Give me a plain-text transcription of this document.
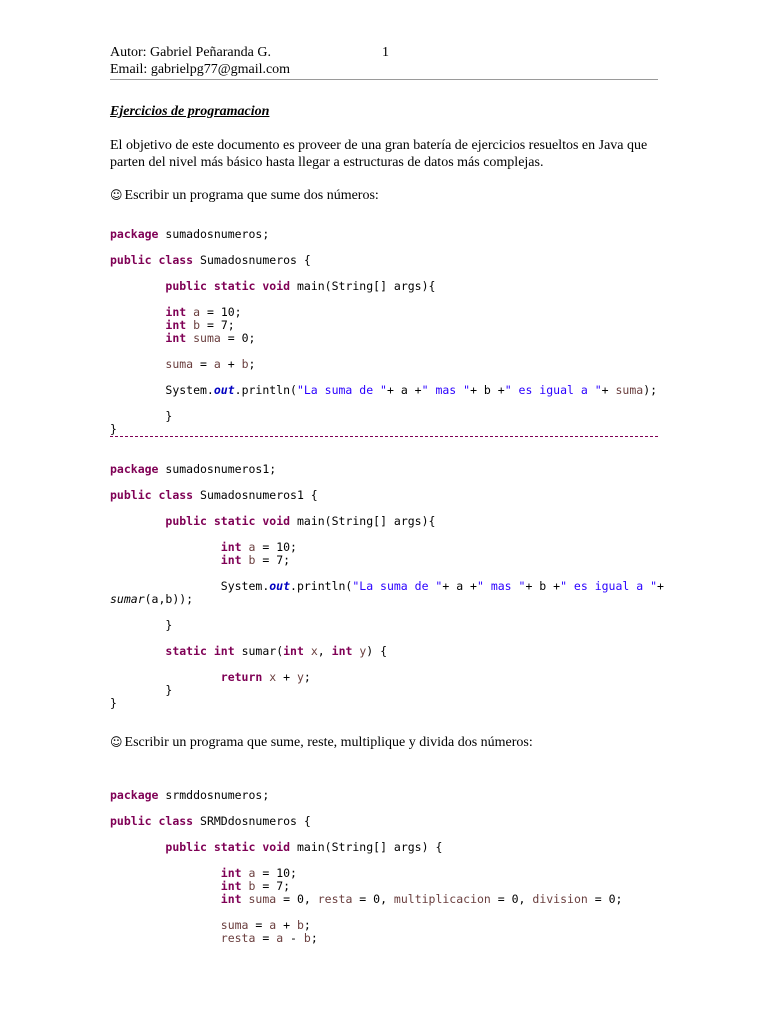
Autor: Gabriel Peñaranda G.	1
Email: gabrielpg77@gmail.com
Ejercicios de programacion
El objetivo de este documento es proveer de una gran batería de ejercicios resueltos en Java que parten del nivel más básico hasta llegar a estructuras de datos más complejas.
☺ Escribir un programa que sume dos números:

package sumadosnumeros;
public class Sumadosnumeros {
public static void main(String[] args){
int a = 10;
int b = 7;
int suma = 0;
suma = a + b;
System.out.println("La suma de "+ a +" mas "+ b +" es igual a "+ suma);
}
}

package sumadosnumeros1;
public class Sumadosnumeros1 {
public static void main(String[] args){
int a = 10;
int b = 7;
System.out.println("La suma de "+ a +" mas "+ b +" es igual a "+
sumar(a,b));
}
static int sumar(int x, int y) {
return x + y;
}
}

☺ Escribir un programa que sume, reste, multiplique y divida dos números:

package srmddosnumeros;
public class SRMDdosnumeros {
public static void main(String[] args) {
int a = 10;
int b = 7;
int suma = 0, resta = 0, multiplicacion = 0, division = 0;
suma = a + b;
resta = a - b;
